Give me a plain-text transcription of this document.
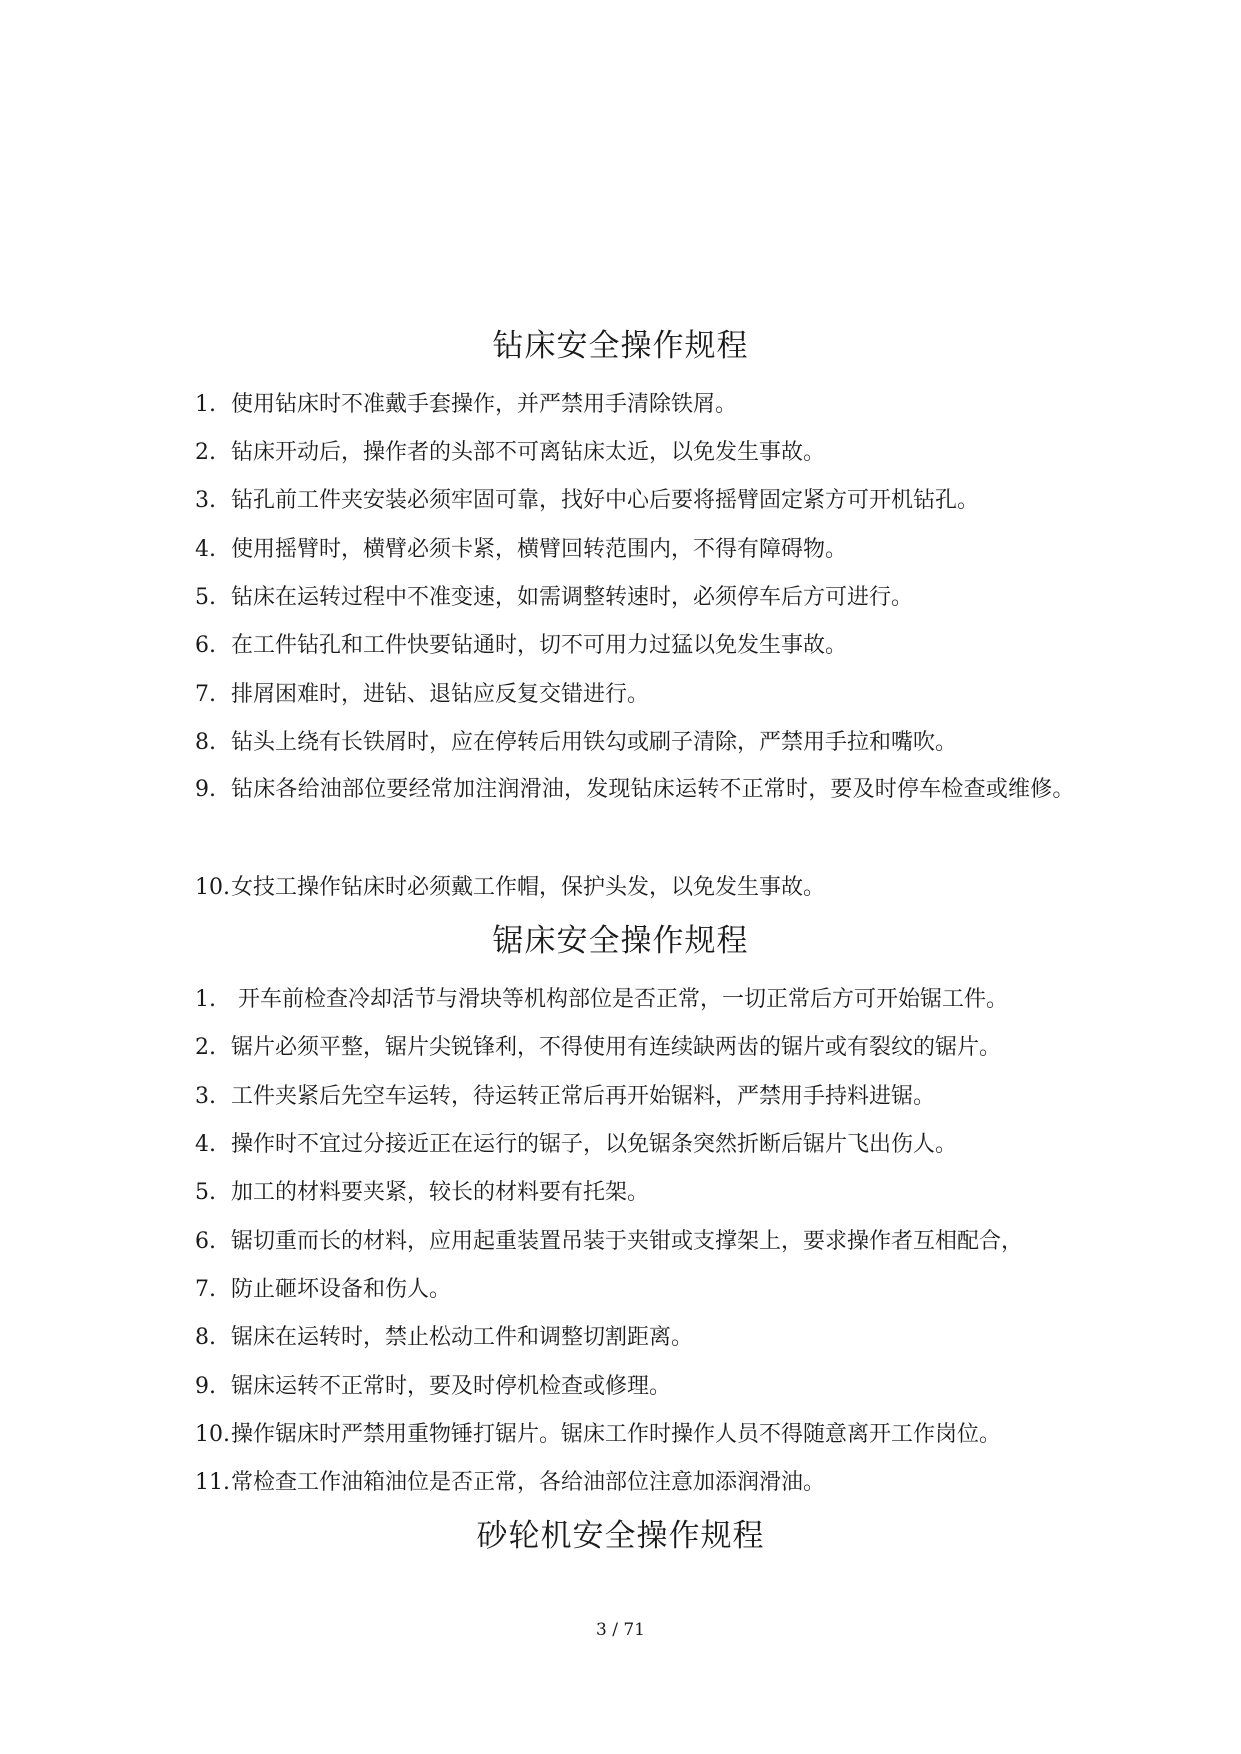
钻床安全操作规程

1. 使用钻床时不准戴手套操作，并严禁用手清除铁屑。

2. 钻床开动后，操作者的头部不可离钻床太近，以免发生事故。

3. 钻孔前工件夹安装必须牢固可靠，找好中心后要将摇臂固定紧方可开机钻孔。

4. 使用摇臂时，横臂必须卡紧，横臂回转范围内，不得有障碍物。

5. 钻床在运转过程中不准变速，如需调整转速时，必须停车后方可进行。

6. 在工件钻孔和工件快要钻通时，切不可用力过猛以免发生事故。

7. 排屑困难时，进钻、退钻应反复交错进行。

8. 钻头上绕有长铁屑时，应在停转后用铁勾或刷子清除，严禁用手拉和嘴吹。

9. 钻床各给油部位要经常加注润滑油，发现钻床运转不正常时，要及时停车检查或维修。

10.女技工操作钻床时必须戴工作帽，保护头发，以免发生事故。

锯床安全操作规程

1. 开车前检查冷却活节与滑块等机构部位是否正常，一切正常后方可开始锯工件。

2. 锯片必须平整，锯片尖锐锋利，不得使用有连续缺两齿的锯片或有裂纹的锯片。

3. 工件夹紧后先空车运转，待运转正常后再开始锯料，严禁用手持料进锯。

4. 操作时不宜过分接近正在运行的锯子，以免锯条突然折断后锯片飞出伤人。

5. 加工的材料要夹紧，较长的材料要有托架。

6. 锯切重而长的材料，应用起重装置吊装于夹钳或支撑架上，要求操作者互相配合，

7. 防止砸坏设备和伤人。

8. 锯床在运转时，禁止松动工件和调整切割距离。

9. 锯床运转不正常时，要及时停机检查或修理。

10.操作锯床时严禁用重物锤打锯片。锯床工作时操作人员不得随意离开工作岗位。

11.常检查工作油箱油位是否正常，各给油部位注意加添润滑油。

砂轮机安全操作规程
3 / 71
